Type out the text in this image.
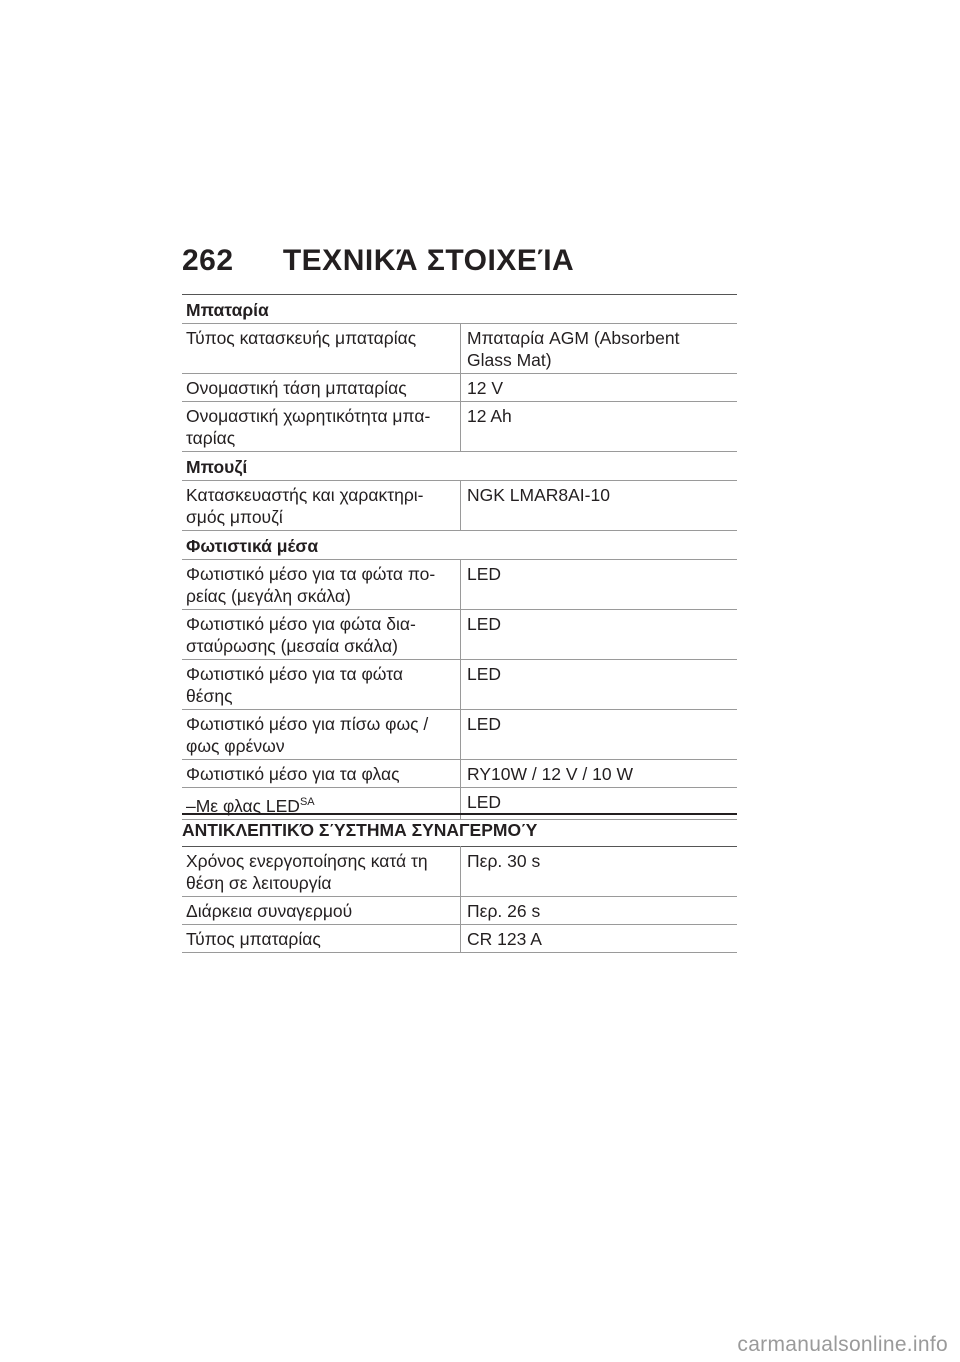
262 ΤΕΧΝΙΚΆ ΣΤΟΙΧΕΊΑ
Μπαταρία	
Τύπος κατασκευής μπαταρίας	Μπαταρία AGM (Absorbent
Glass Mat)
Ονομαστική τάση μπαταρίας	12 V
Ονομαστική χωρητικότητα μπα-
ταρίας	12 Ah
Μπουζί	
Κατασκευαστής και χαρακτηρι-
σμός μπουζί	NGK LMAR8AI-10
Φωτιστικά μέσα	
Φωτιστικό μέσο για τα φώτα πο-
ρείας (μεγάλη σκάλα)	LED
Φωτιστικό μέσο για φώτα δια-
σταύρωσης (μεσαία σκάλα)	LED
Φωτιστικό μέσο για τα φώτα
θέσης	LED
Φωτιστικό μέσο για πίσω φως /
φως φρένων	LED
Φωτιστικό μέσο για τα φλας	RY10W / 12 V / 10 W
–Με φλας $LED^{SA}$	LED
ΑΝΤΙΚΛΕΠΤΙΚΌ ΣΎΣΤΗΜΑ ΣΥΝΑΓΕΡΜΟΎ
Χρόνος ενεργοποίησης κατά τη
θέση σε λειτουργία	Περ. 30 s
Διάρκεια συναγερμού	Περ. 26 s
Τύπος μπαταρίας	CR 123 A
carmanualsonline.info
